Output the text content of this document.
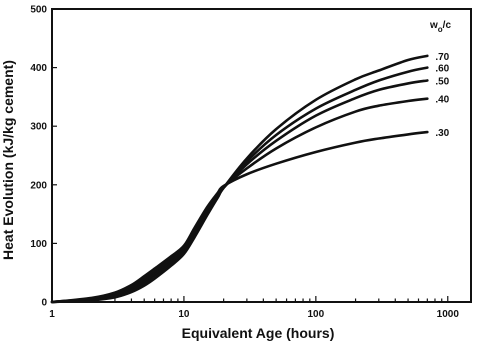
0
100
200
300
400
500
1	10	100	1000
.70
.60
.50
.40
.30
$w_o/c$
Equivalent Age (hours)
Heat Evolution (kJ/kg cement)
